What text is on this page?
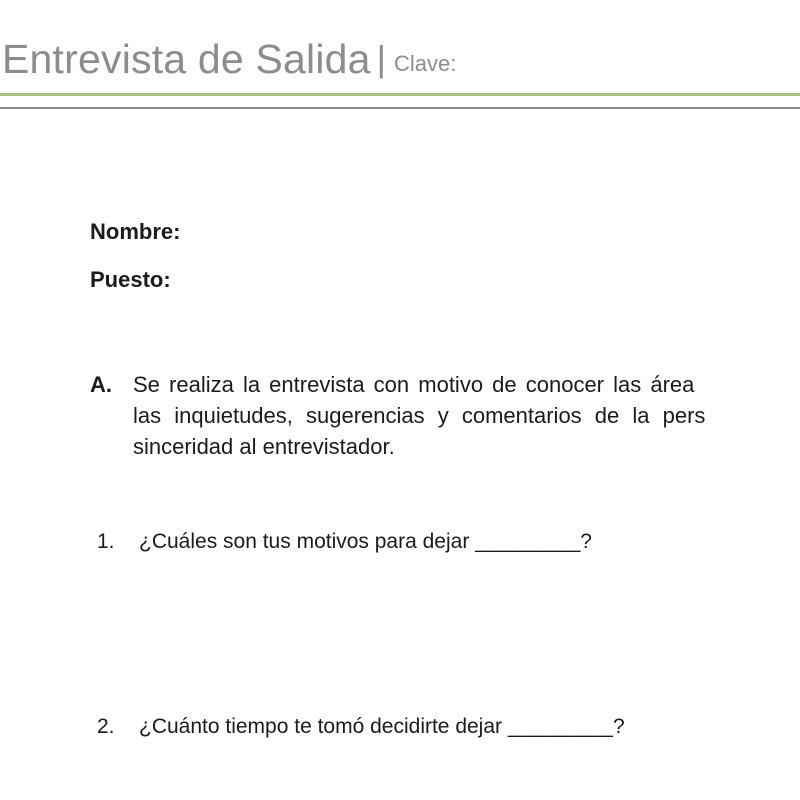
Entrevista de Salida | Clave:
Nombre:
Puesto:
A. Se realiza la entrevista con motivo de conocer las área
las inquietudes, sugerencias y comentarios de la pers
sinceridad al entrevistador.
1. ¿Cuáles son tus motivos para dejar _________?
2. ¿Cuánto tiempo te tomó decidirte dejar _________?
